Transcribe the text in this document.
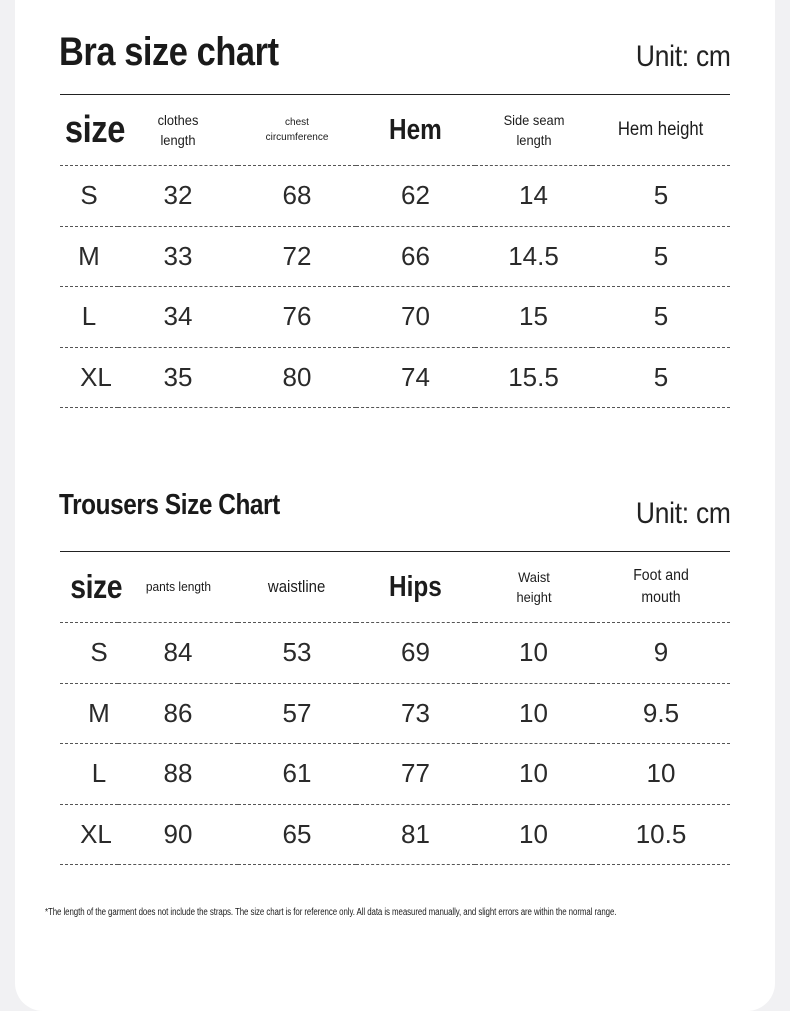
Bra size chart	Unit: cm
size	clothes length	chest circumference	Hem	Side seam length	Hem height
S	32	68	62	14	5
M	33	72	66	14.5	5
L	34	76	70	15	5
XL	35	80	74	15.5	5
Trousers Size Chart	Unit: cm
size	pants length	waistline	Hips	Waist height	Foot and mouth
S	84	53	69	10	9
M	86	57	73	10	9.5
L	88	61	77	10	10
XL	90	65	81	10	10.5
*The length of the garment does not include the straps. The size chart is for reference only. All data is measured manually, and slight errors are within the normal range.
